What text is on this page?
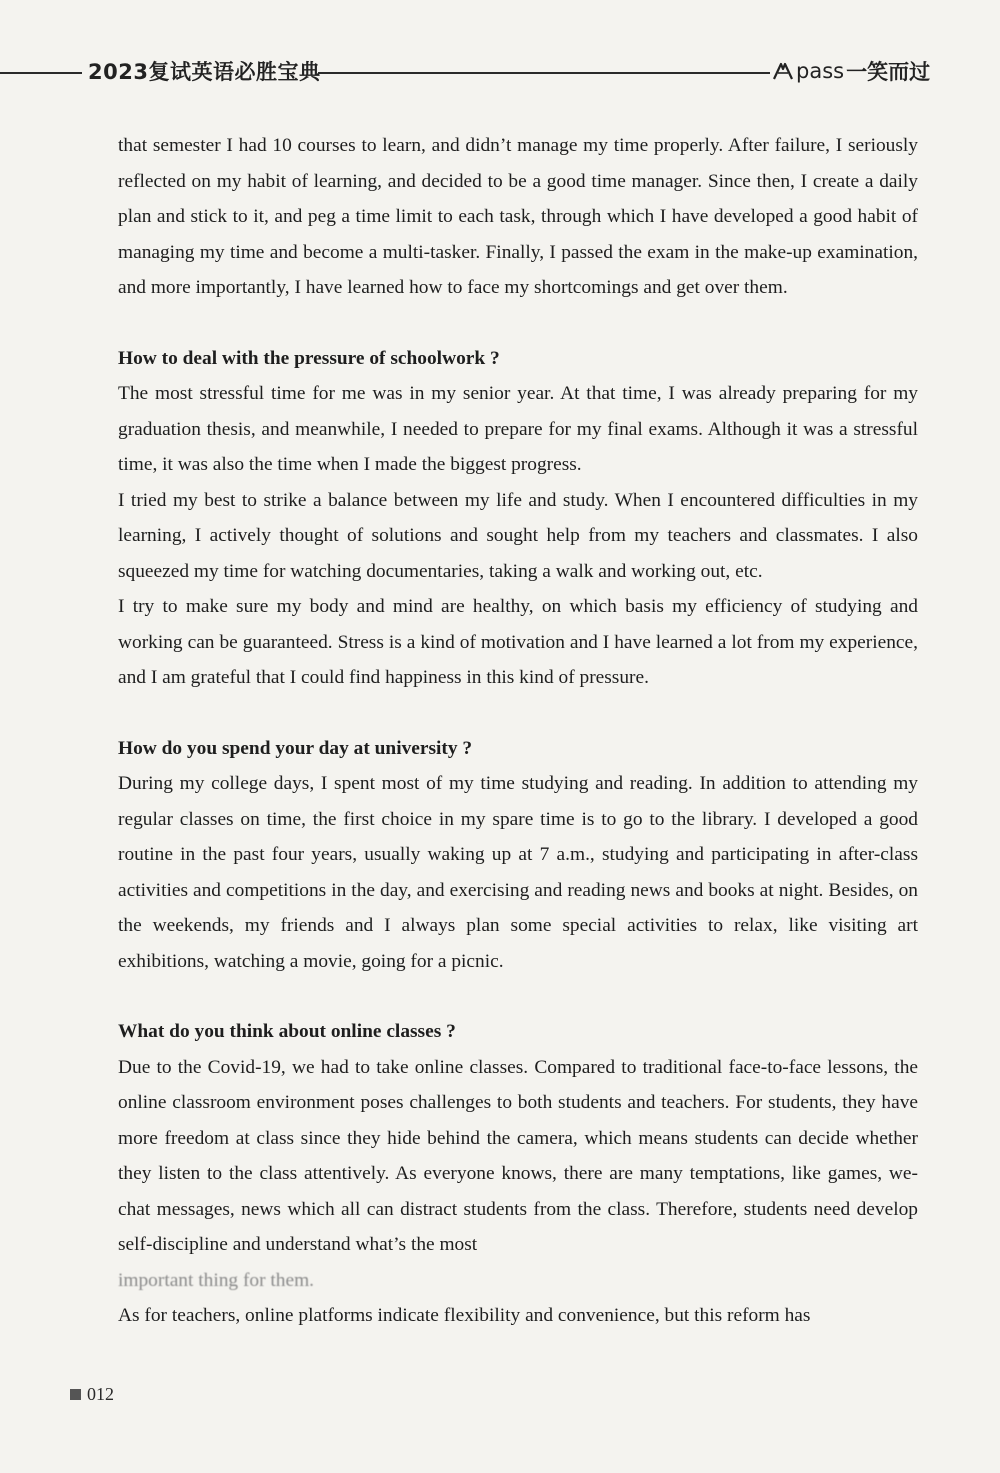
2023复试英语必胜宝典	pass 一笑而过

that semester I had 10 courses to learn, and didn’t manage my time properly. After failure, I seriously reflected on my habit of learning, and decided to be a good time manager. Since then, I create a daily plan and stick to it, and peg a time limit to each task, through which I have developed a good habit of managing my time and become a multi-tasker. Finally, I passed the exam in the make-up examination, and more importantly, I have learned how to face my shortcomings and get over them.

How to deal with the pressure of schoolwork ?

The most stressful time for me was in my senior year. At that time, I was already preparing for my graduation thesis, and meanwhile, I needed to prepare for my final exams. Although it was a stressful time, it was also the time when I made the biggest progress.

I tried my best to strike a balance between my life and study. When I encountered difficulties in my learning, I actively thought of solutions and sought help from my teachers and classmates. I also squeezed my time for watching documentaries, taking a walk and working out, etc.

I try to make sure my body and mind are healthy, on which basis my efficiency of studying and working can be guaranteed. Stress is a kind of motivation and I have learned a lot from my experience, and I am grateful that I could find happiness in this kind of pressure.

How do you spend your day at university ?

During my college days, I spent most of my time studying and reading. In addition to attending my regular classes on time, the first choice in my spare time is to go to the library. I developed a good routine in the past four years, usually waking up at 7 a.m., studying and participating in after-class activities and competitions in the day, and exercising and reading news and books at night. Besides, on the weekends, my friends and I always plan some special activities to relax, like visiting art exhibitions, watching a movie, going for a picnic.

What do you think about online classes ?

Due to the Covid-19, we had to take online classes. Compared to traditional face-to-face lessons, the online classroom environment poses challenges to both students and teachers. For students, they have more freedom at class since they hide behind the camera, which means students can decide whether they listen to the class attentively. As everyone knows, there are many temptations, like games, we-chat messages, news which all can distract students from the class. Therefore, students need develop self-discipline and understand what’s the most

important thing for them.

As for teachers, online platforms indicate flexibility and convenience, but this reform has

012
